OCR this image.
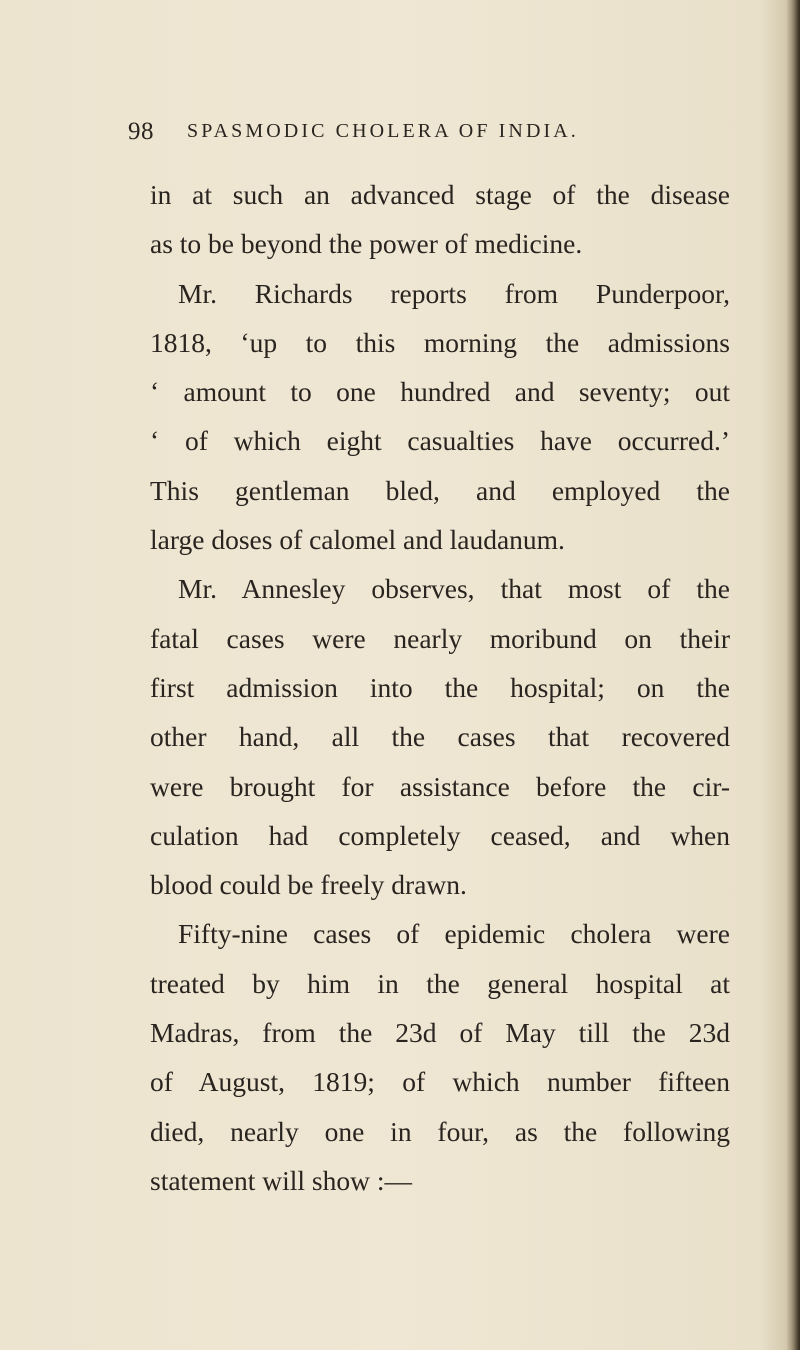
98 SPASMODIC CHOLERA OF INDIA.
in at such an advanced stage of the disease
as to be beyond the power of medicine.
Mr. Richards reports from Punderpoor,
1818, ‘up to this morning the admissions
‘ amount to one hundred and seventy; out
‘ of which eight casualties have occurred.’
This gentleman bled, and employed the
large doses of calomel and laudanum.
Mr. Annesley observes, that most of the
fatal cases were nearly moribund on their
first admission into the hospital; on the
other hand, all the cases that recovered
were brought for assistance before the cir-
culation had completely ceased, and when
blood could be freely drawn.
Fifty-nine cases of epidemic cholera were
treated by him in the general hospital at
Madras, from the 23d of May till the 23d
of August, 1819; of which number fifteen
died, nearly one in four, as the following
statement will show :—
